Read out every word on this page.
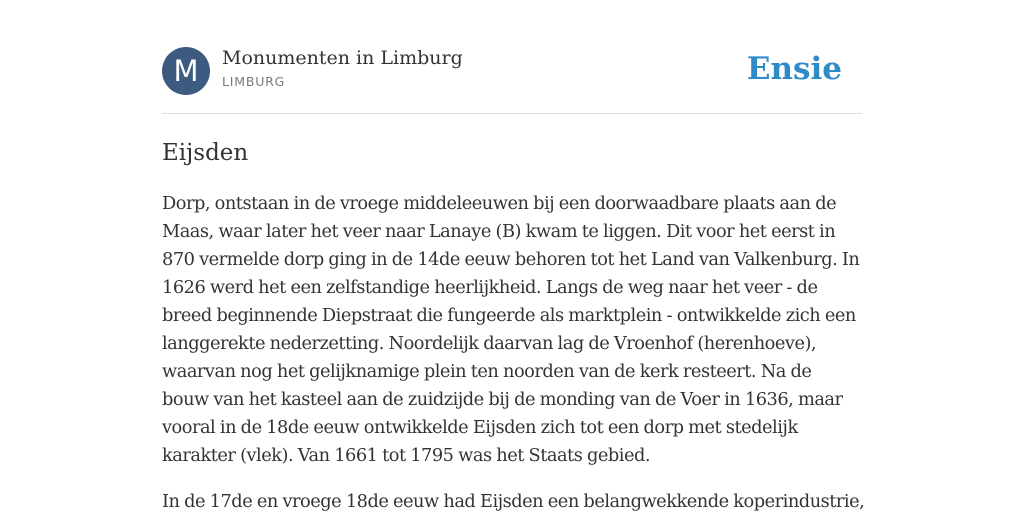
M	Monumenten in Limburg
LIMBURG	Ensie
Eijsden
Dorp, ontstaan in de vroege middeleeuwen bij een doorwaadbare plaats aan de
Maas, waar later het veer naar Lanaye (B) kwam te liggen. Dit voor het eerst in
870 vermelde dorp ging in de 14de eeuw behoren tot het Land van Valkenburg. In
1626 werd het een zelfstandige heerlijkheid. Langs de weg naar het veer - de
breed beginnende Diepstraat die fungeerde als marktplein - ontwikkelde zich een
langgerekte nederzetting. Noordelijk daarvan lag de Vroenhof (herenhoeve),
waarvan nog het gelijknamige plein ten noorden van de kerk resteert. Na de
bouw van het kasteel aan de zuidzijde bij de monding van de Voer in 1636, maar
vooral in de 18de eeuw ontwikkelde Eijsden zich tot een dorp met stedelijk
karakter (vlek). Van 1661 tot 1795 was het Staats gebied.
In de 17de en vroege 18de eeuw had Eijsden een belangwekkende koperindustrie,
